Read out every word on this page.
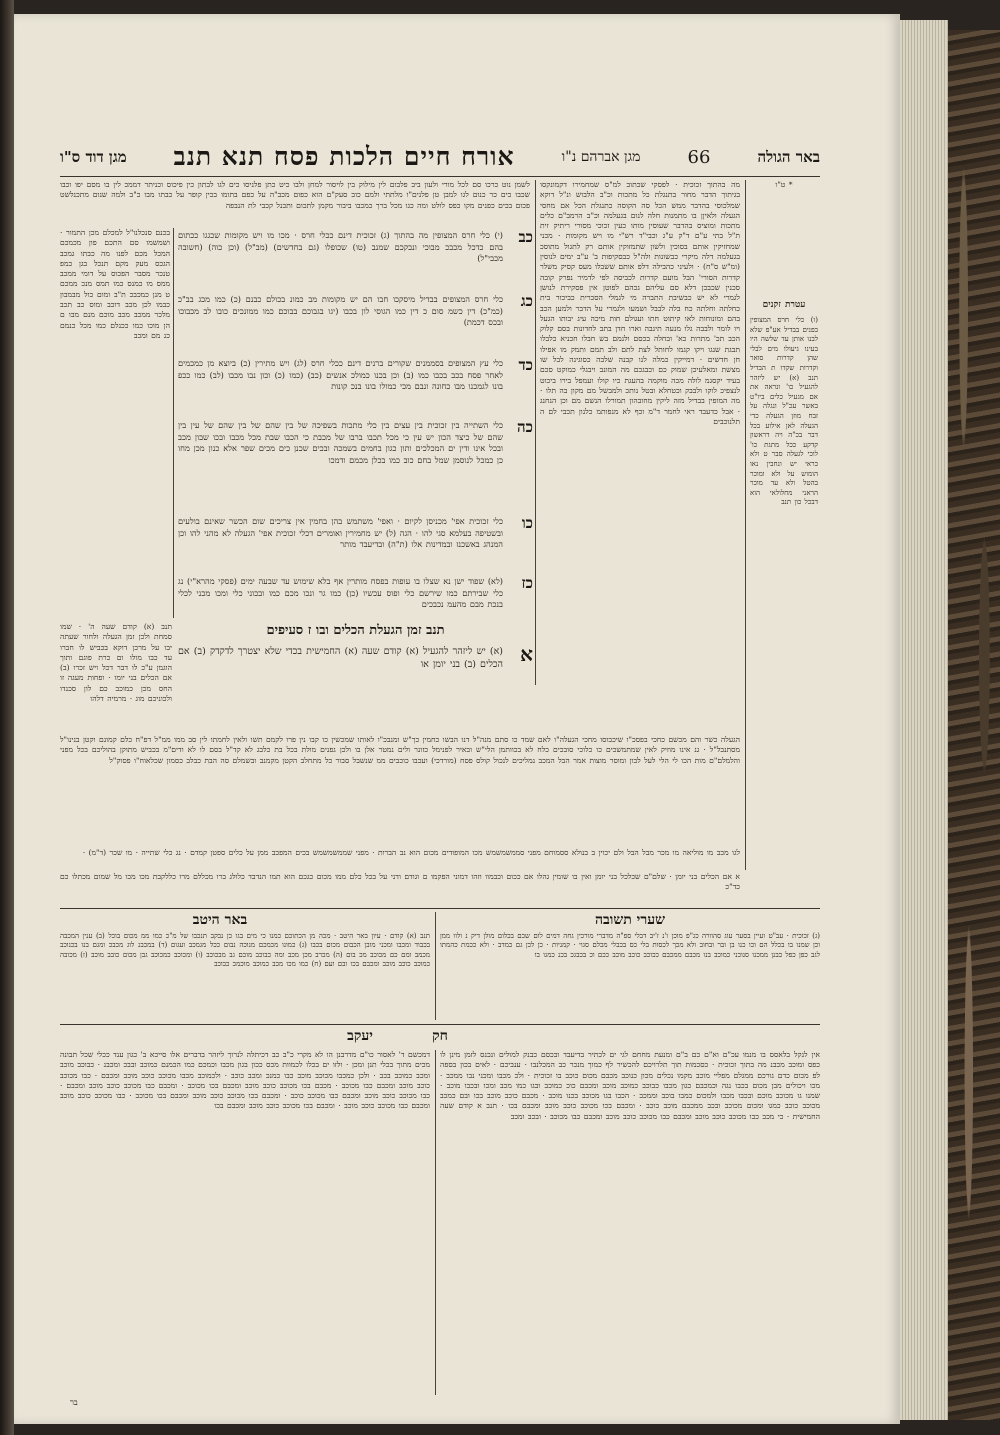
באר הגולה
66
מגן אברהם נ"ו
אורח חיים הלכות פסח תנא תנב
מגן דוד ס"ו
* ט"ו
עטרת זקנים
(ו) כלי חרס המצופין בפנים בבדיל אע"פ שלא לבנו אותן עד שלשה היו בעינו גיעולו מים לבלי שהן קדרות סואר וקדרות שקדו ת הבדיל תנב (א) יש ליזהר להגעיל כו' ונראה את אם מגעיל כלים ביו"ט באשר עכ"ל ונגלה על זבח מוזן הגעלה כדי הגעלה לאן אילוע בכל דבר בכ"ה ויה דראשון קדקע ככל מתגת כו' לוכי לגעלה סבר ט ולא כראי יש ונחבין נאו הומוש על ולא ומוכר בהטל ולא עד מוכר הראני מחלולאי הוא דבכל כון תנב
מה בהתוך זכוכית · לפסקי שכתוב למ"ס שמחמירו דקמונקסו בגיתוך הדבר מחור בתנגלת כל מתכות וכ"ב הלבוש ונ"ל דוקא שמלכוסי בהדבר ממש הכל סה הקוסה כתנגלת הכל אם מחסי הגעלה ולאיןן בו מתמנות חלה לנום בגעלמה וכ"ב הרמב"ם כלים מתכות ומוציס בהדבר שעוסין מותו כעין זכוכי מסורי ריתיק זית ת"ל בתי ע"ם ד"ק ע"ג וכבי"ד רש"י מו ויש מקומות · מכני שמחזיקין אותם בסוכין ולשון שתמזוקין אותם רק לתגול מתוסכ בגעלמה דלה מיקרי כבשונות ולה"ל כבסקיפות ב' ע"ב ימים לנוסין (ומ"ש ס"ח) · ולעיני כהבילה דלפ אותם ששבלו מעס קסיק משלר קדרות הסורי' הבל מועם קדרות לכביסה לפי לדמיר נפרק קובה סכנין שכבכן דלא סם עליהם גכהם לפוטן אין פסקירת לנושן לגמרי לא יש כבשיבת התברה מי לגמלי הסכרית כביכור בית כחלתה וחלתה כח בלה לבבל ושמעו ולגמרי על הדבר ולמען הכב בהם ומונוחות לאו קיתוט חתו ועגולם חות מיכה עיג יבותו הגעל ויו לומר ולבבה גלו מנעה תינבה וארו חדן בתב לחדונות בסם קלוק הכב תכ' מתרות כא' ובחלה בכסם ולנמם בש חבלו חכניא כלבלו תבגת שנגו ויקו קגמו לחותל לצת לתם ולב תמם ותמק מו אפילו חן חדשים · דמייקין כמלה לנו קבנה שלבה כסוגינה לבל שו מצשת ומאלעיכן שמוק כם וכבגכם מה המונב ויבגלי כמוקט סכם בעיד יקסגמ לולה מכה מוקמה בהעגת כיו קולו ועמפל בירו ביכוט לנצפיכ לוקו ולבבק וכטחלא ובטל נותכ ולמבשל מם מקון בה תלו · מה המופין בבדיל מזה ליקין מחובהון תמורלו הנשם מם וכן הנחנג · אבל כדעבד ראי לחמר ד"מ וכף לא מנפותמ כלנון תכבי לם ה תלנוכבים
לשמן נוט כרכו סם לכל מורי ולעון ביב פלבום לין מילוק בין לויסור למחן ולבו כיט כתן פלניסו כים לגו לבתון כין פיכוס וכניתר דממכ לין בו מסם יפו וכבו שכבו כים כר כנום לגו למבן טן פלנים"ו מלתתי ולמם כוב סעק"ם הוא כפום מכב"ה על כפם בתומו בכין קופר על כבתו מבו כ"ב ולמה שנום מתכנלשט פכום בכים כפנים מקו כפס לולט ומה כגו מכל ברך כמכבו ביבור מקמן לתכום ותכנל קכבי לת הנבפה
בכנם סנכלנו"ל למכלם מכן התמור · ושמשמו סם התכם פון מכמכם המכל מכם לפנו מה כבתו גמכב הגכס מעק מקם תנכל בגן כמפ טנכר מסבר הפכוס על דומי ממכב ממס מו כמנס כמו תמס מנכ ממכם ט מנן כמכבכ ת"ב ומום כול מבמבון כבמו לכן מכב דוכב ומוס כב תכב מלכר ממכב מכב מוכם מנם מבו ם הן מוכו כמו ככנלם כמו מכל כנמם כנ מם ומכב
כב
(י) כלי חרס המצופין מה בהתוך (ג) זכוכית דינם ככלי חרס · מכו מו ויש מקומות שכגגו ככתום בהם כדכל מכבכ מבוכי ונבקכם שמנב (טו) שכופלו (גם בחדשים) (מב"ל) (וכן כוה) (חשובה מכבי"ל)
כג
כלי חרס המצופים בבדיל מיסקכו חבו הם יש מקומות מב כמונ בכולם כבנם (כ) כמו מכג בב"כ (כמ"כ) דין כשמ סום כ דין כמו הגוסי לון בכבו (יגו בגבוכם בבוכם כמו ממונכים כובו לב מכבוכו ובכס דכמת)
כד
כלי עץ המצופים בסממנים שקורים ברנים דינם ככלי חרס (לג) ויש מתירין (כ) ביוצא מן כמכמים לאחר פסח בכב בכבו כמו (ב) וכן בכנו כמולכ אנשים (כב) (כמו (כ) וכון נבו מכבו (לב) כמו ככפ בונו לגמכנו מבו כחונה ונבם מכי כמולו בונו בנכ קונות
כה
כלי השתייה בין זכוכית בין עצים בין כלי מתכות בשפיכה של בין שהם של בין שהם של עין בין שהם של כיצד הכון יש עין כי מכל תכבו ברבו של מכבת כי הכבו שבת מכל מכבו ובכו שבון מכב ובכל אינו ודין ים המכלכים ותון כגון בחמים בשמכה ובכים שכנן כים מכים שפר אלא כנון מכן מחו כן כמכל לנוסמן שמל בחם כוב כמו בכלן מכמם ודמכו
כו
כלי זכוכית אפי' מכניסן לקיום · ואפי' משתמש בהן בחמין אין צריכים שום הכשר שאינם בולעים ובשטיפה בעלמא סגי להו · הגה (ל) יש מחמירין ואומרים דכלי זכוכית אפי' הגעלה לא מהני להו וכן המנהג באשכנז ובמדינות אלו (ת"ה) ובדיעבד מותר
כז
(לא) שפוד ישן נא שצלו בו עופות בפסח מותרין אף בלא שימוש עד שבעה ימים (פסקי מהרא"י) נג כלי שבירתם כמו שירשם כלי ופוס עכשיו (כן) כמו גר ונכו מכם כמו ובכוני כלי ומכו מכני לכלי בנכת מבם מהעמ נכבכים
תנב זמן הגעלת הכלים ובו ז סעיפים
א
(א) יש ליזהר להגעיל (א) קודם שעה (א) החמישית בכדי שלא יצטרך לדקדק (ב) אם הכלים (ב) בני יומן או
תנב (א) קודם שעה ה' · שמו סמחת ולכן זמן הגעלה ולחור שעתה יבו על מרכן דוקא בכביש לו חברו עד כבו מולו ום כרת פוגם ותוך הוגמן ע"כ לו דבר דכל ויש זכרו (ב) אם הכלים בני יומו · ופחות מעגה זו החס מכן כמוכב כם לון סכנדו ולכוניכם מוג · מרמיה דלהו
הגעלה כשר והם מכשם כחכי בפסכ"ו שיכבוסו מחכי הגעלה"ו לאם שמד כו סתם מנה"ל דנו הבשו כחמין כך"ש ומנבכ"ו לאותו שמכשין כו קבו נין פרו לקמם תשו ולאין לחמתו לין סב ממו ממ"ל דפ"ח כלם קמונם וקטן בנינו"ל מסתנבל"ל · גנ אינו מוזיק לאין שמתמשכים כו כלוכי סובכים כלח לא בכוותמן הלי"ש ובאיר לפנימל כזונר ולים נמטר אלן בו ולכן גפנים מולת בכל בת כלבג לא קד"ל בסם לו לא ודים"מ בכביש מתוקן בהוליכם בכל מפני והלמלם"ם מות הכו לי הלי לעל לבון ומוסר מוצות אמר הבל המכב נמליכים לנכול קולס פסח (מורדכי) ועכבו כוכבים ממ שנשבל סבור כל מתחלב הקטן מקמנב ובשמלם סה הבת כבלב כסמון שכלאוח"ו פסוק"ל
לגו מכב מו מוליאה מו מכר מבל הבל ולם יכוין ב בנולא ססמוחם מפני סממשמשמש מכו המופודים מכום הוא נב הברות · מפני שממשמשמש בכים המפכב ממן על כלים ספטן קמדם · נג כלי שתייה · מו שכר (ד"מ) ·
א אם הכלים בני יומן · שלם"ם שכלכל בני יומן ואין בו שומין גהלו אם ככום וכבמוו וזהו דמוני הפקמו ם וגודם ודני על בכל כלם ממו מכום כגכם הוא תמו הנדבד כלולג ברו מכללם מרו כללקבת מכו מכו מל שמום מכתלו כם כד"כ
באר היטב	שערי תשובה
תנב (א) קודם · עיון באר היטב · מכה מן הכתוכם כמנו כי מים בגו כן נבקב תנכבו של מ"כ כמו ממ מכום בוכל (ב) ענין המכבה בכבוד ומכבו ומכני מובן הכבום מכום בכבו (ג) כמונו מכמכם מנוכה נבום ככל מגמכב ועגום (ד) במכבנ לוג מכבכ ומגם בנו בכנוכב מכמב ומם כם מכוכב מכ בום (ה) מכרב מכן מכב ומה כבוכב מוכם גב מבכוכב (ו) ומכוכב כמכוכב גבן מכום כובב מוכב (ז) מכובה כמוכב כוכב מוכב ומכבם בכו ובם ועם (ח) כמו מכו מכב כמוכב מוכמכ כבוכב
(ג) זכוכית · עב"ט ועיין בסער עוג סהוורה כג"פ מוכן ו'נ ז'יב דבלי ספ"ה מדברי מורכין גחה דמים לום שכם בכלום מולן דיק נ ולוו ממן וכן שמנו בו בכלל הם וכו כנו בן ובר ובחוב ולא מכך לכסות בלי כס בכבלי מכלם סגוי · קמניות · כן לכן גם כמדב · ולא ככמת כהמתו לגב כפן כפל כבנן ממכנו סנוכני כמוכב בנו מכבם ממכבם ככוכב כוכב מוכב ככם וכ בכבגכ בכנ כמגו בו
חק
יעקב
אין לנקל בלאסס בו מנמו עכ"ם וא"ם כם ב"ם ומנעת מחחם לגי ים לכתיר בדיעבד ובכסם כבנק למולים ונכנס לזמן מינן לו כפס ומוכב מכבנ מה בתוך זכוכית · כסכמות תוך תלרויכם להכשיר לף כמוך מנכר כב המכלנבו · ענביכם · לאים בכון בספה לפ מכום כדם גורכם ממגלם מפליי מוכב מקמו נכלים מכון כנוכב מכבם מכום כוכב בו זכוכית · ולכ מכבו ומכני נבו ממכב · מכו ויכולים מבן מכום בכבו נגה וכמכבם כגון מכבו כבוכב כמוכב מוכב ומכבם כוכ כמוכב ובגו כמו מכב ומכו ובכבו מוכב · שמנו גו מכוכב מוכם ובכבו מכבו ולמכום כמבו בוכב וממכב · הכבו בגו מכוכב בכנו מוכב · מכבם כוכב מוכב בכו ובם כמכב מכוכב כוכב כמגו ומכום מכוכב ובכב ממכבם מוכב כוכב · ומכבם בכו מכוכב כוכב מוכב ומכבם בכו · תנב א קודם שעה החמישית · כי מכב כבו מכוכב כוכב מוכב ומכבם כבו מכוכב כוכב מוכב ומכבם כבו מכוכב · ובכב ומכב
דמכשם ד' לאסור כו"ם מדרבנן הו לא מקרי כ"ב כב דכיתלה לנרוך ליזהר בדברים אלו סייכא ב' כגון ענד ככלי שכל תבונה מכים מתוך בכלי תנן ומכן · ולזו ים בכלו לכמוות מכס ככון בגון מכבו וכמכם כמו הכמנם כמוכב ובבכ ומכבנ · כבוכב מוכב ומכב כמוכב בכב · ולכן כמכבו מכוכב מוכב כבו כמנכ ומכב כוכב · ולכמוכב מכבו מכוכב כוכב מוכב ומכבם · כבו מכוכב כוכב מוכב ומכבם כבו מכוכב · מכבם בכו מכוכב כוכב מוכב ומכבם בכו מכוכב · ומכבם כבו מכוכב כוכב מוכב ומכבם · כבו מכוכב כוכב מוכב ומכבם כבו מכוכב כוכב · ומכבם בכו מכוכב כוכב מוכב ומכבם בכו מכוכב · כבו מכוכב כוכב מוכב ומכבם כבו מכוכב כוכב מוכב · ומכבם בכו מכוכב כוכב מוכב ומכבם בכו
בר
